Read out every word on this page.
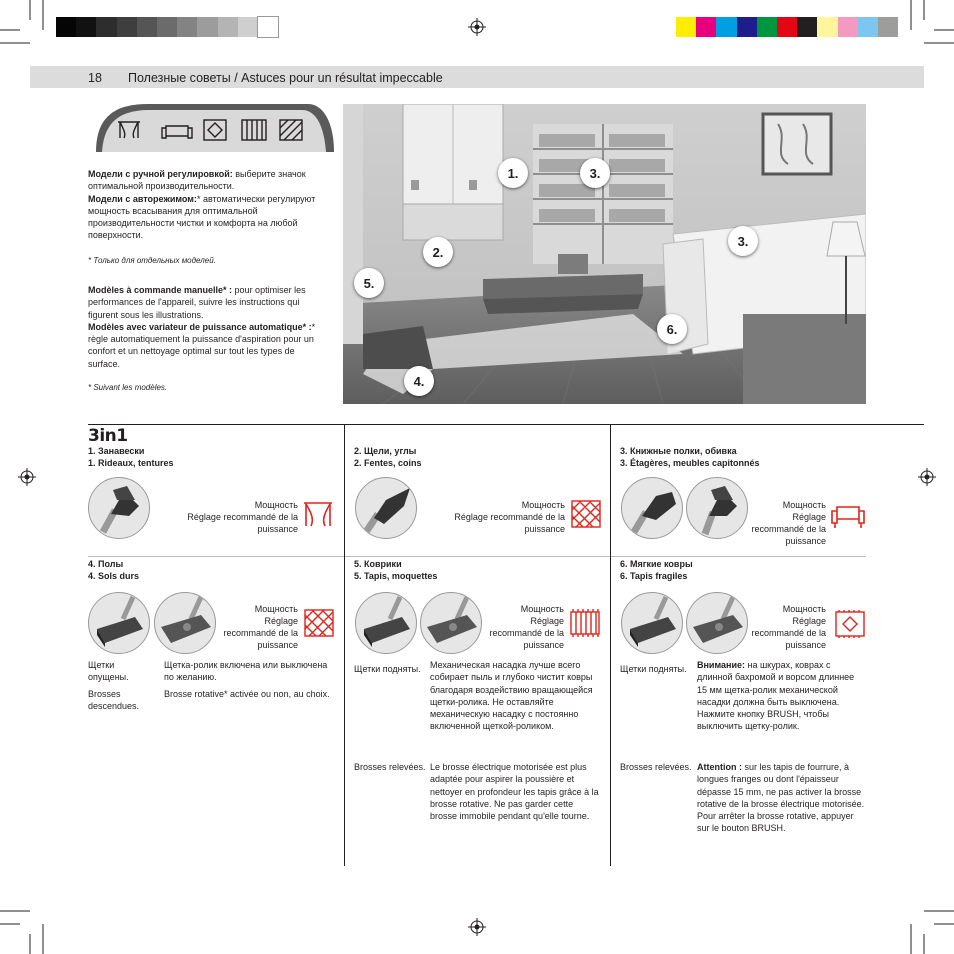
18 Полезные советы / Astuces pour un résultat impeccable
Модели с ручной регулировкой: выберите значок оптимальной производительности.
Модели с авторежимом:* автоматически регулируют мощность всасывания для оптимальной производительности чистки и комфорта на любой поверхности.
* Только для отдельных моделей.
Modèles à commande manuelle* : pour optimiser les performances de l'appareil, suivre les instructions qui figurent sous les illustrations.
Modèles avec variateur de puissance automatique* :* règle automatiquement la puissance d'aspiration pour un confort et un nettoyage optimal sur tout les types de surface.
* Suivant les modèles.
1.
2.
3.
3.
4.
5.
6.
3in1
1. Занавески
1. Rideaux, tentures
Мощность
Réglage recommandé de la puissance
2. Щели, углы
2. Fentes, coins
Мощность
Réglage recommandé de la puissance
3. Книжные полки, обивка
3. Étagères, meubles capitonnés
Мощность
Réglage recommandé de la puissance
4. Полы
4. Sols durs
Мощность
Réglage recommandé de la puissance
Щетки опущены.
Щетка-ролик включена или выключена по желанию.
Brosses descendues.
Brosse rotative* activée ou non, au choix.
5. Коврики
5. Tapis, moquettes
Мощность
Réglage recommandé de la puissance
Щетки подняты.	Механическая насадка лучше всего собирает пыль и глубоко чистит ковры благодаря воздействию вращающейся щетки-ролика. Не оставляйте механическую насадку с постоянно включенной щеткой-роликом.
Brosses relevées. Le brosse électrique motorisée est plus adaptée pour aspirer la poussière et nettoyer en profondeur les tapis grâce à la brosse rotative. Ne pas garder cette brosse immobile pendant qu'elle tourne.
6. Мягкие ковры
6. Tapis fragiles
Мощность
Réglage recommandé de la puissance
Щетки подняты.	Внимание: на шкурах, коврах с длинной бахромой и ворсом длиннее 15 мм щетка-ролик механической насадки должна быть выключена. Нажмите кнопку BRUSH, чтобы выключить щетку-ролик.
Brosses relevées. Attention : sur les tapis de fourrure, à longues franges ou dont l'épaisseur dépasse 15 mm, ne pas activer la brosse rotative de la brosse électrique motorisée. Pour arrêter la brosse rotative, appuyer sur le bouton BRUSH.
